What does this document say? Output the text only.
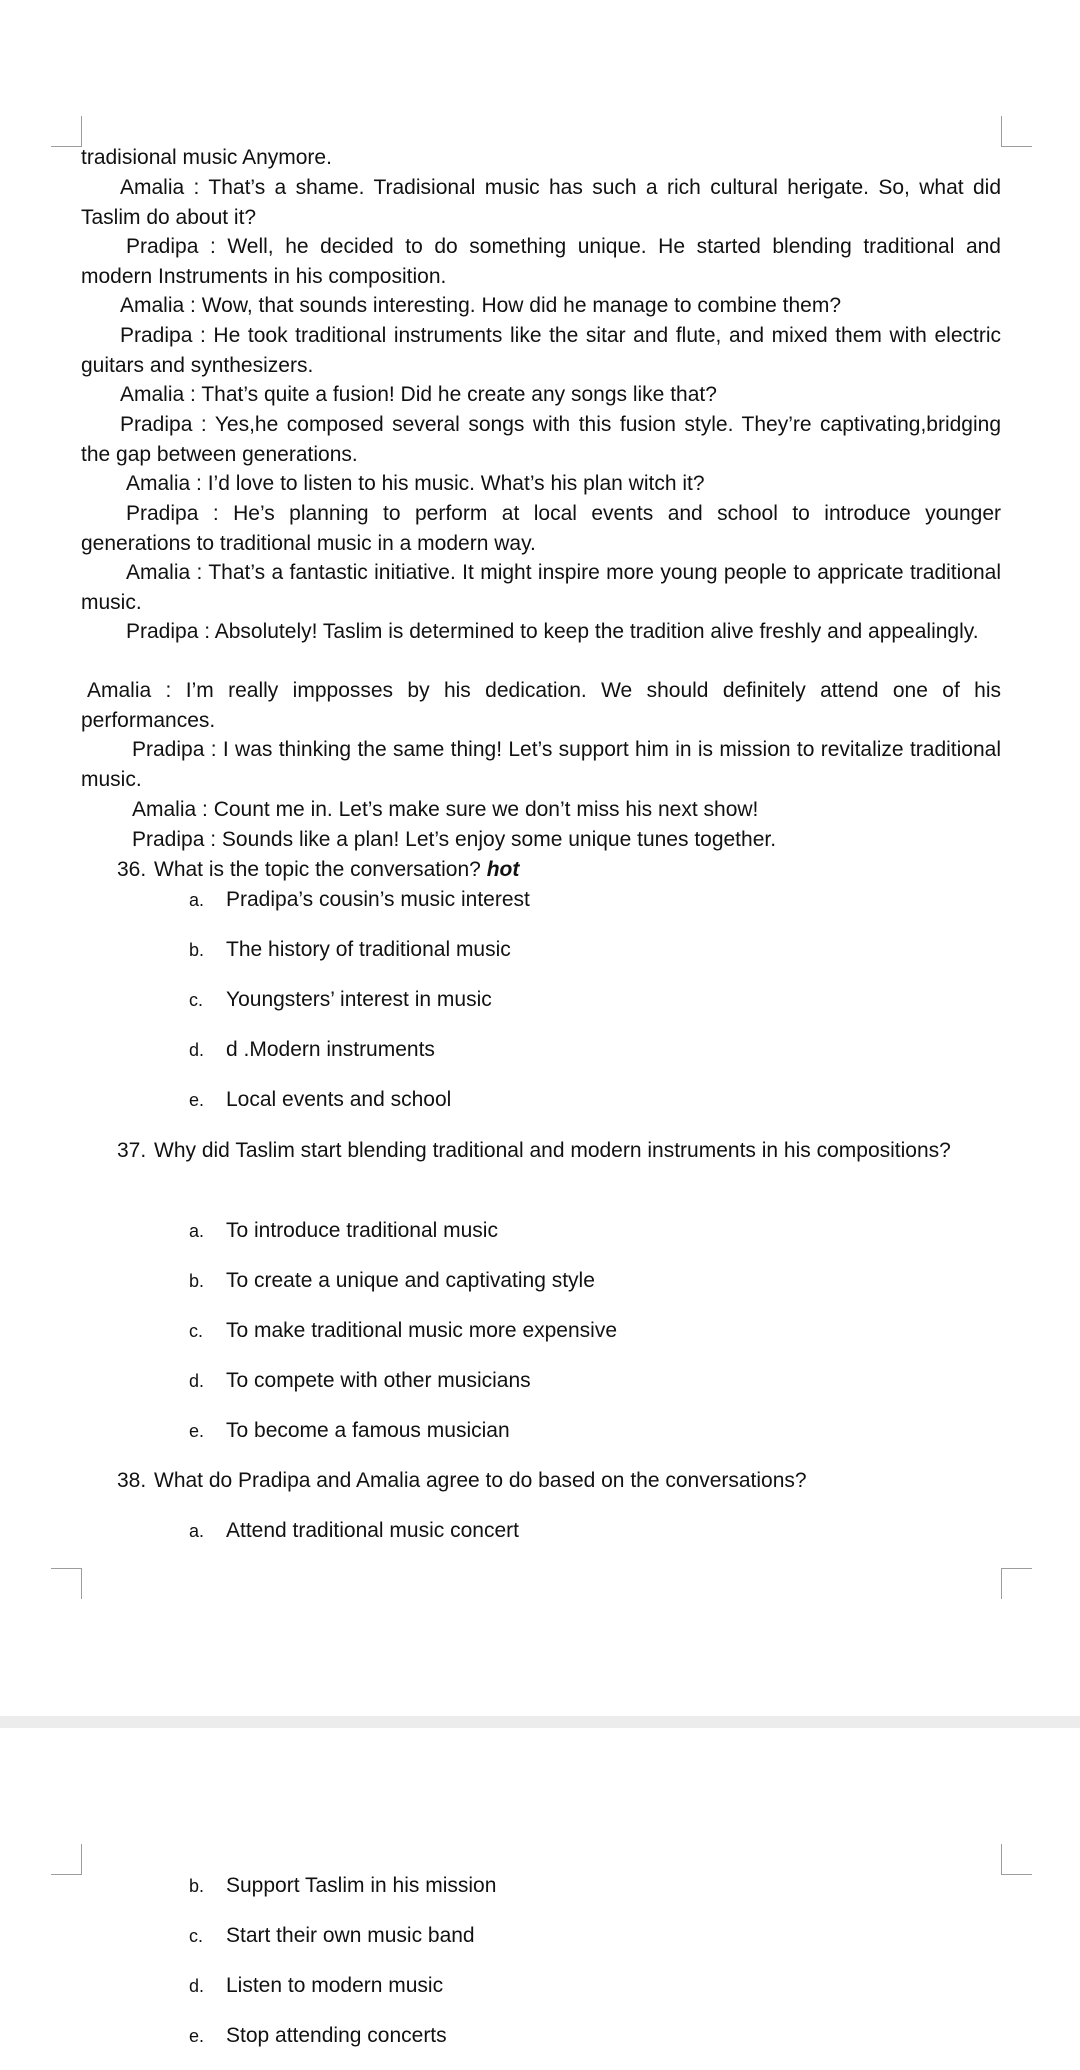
tradisional music Anymore.

Amalia : That’s a shame. Tradisional music has such a rich cultural herigate. So, what did Taslim do about it?

Pradipa : Well, he decided to do something unique. He started blending traditional and modern Instruments in his composition.

Amalia : Wow, that sounds interesting. How did he manage to combine them?

Pradipa : He took traditional instruments like the sitar and flute, and mixed them with electric guitars and synthesizers.

Amalia : That’s quite a fusion! Did he create any songs like that?

Pradipa : Yes,he composed several songs with this fusion style. They’re captivating,bridging the gap between generations.

Amalia : I’d love to listen to his music. What’s his plan witch it?

Pradipa : He’s planning to perform at local events and school to introduce younger generations to traditional music in a modern way.

Amalia : That’s a fantastic initiative. It might inspire more young people to appricate traditional music.

Pradipa : Absolutely! Taslim is determined to keep the tradition alive freshly and appealingly.

Amalia : I’m really impposses by his dedication. We should definitely attend one of his performances.

Pradipa : I was thinking the same thing! Let’s support him in is mission to revitalize traditional music.

Amalia : Count me in. Let’s make sure we don’t miss his next show!

Pradipa : Sounds like a plan! Let’s enjoy some unique tunes together.

36. What is the topic the conversation? hot

a. Pradipa’s cousin’s music interest

b. The history of traditional music

c. Youngsters’ interest in music

d. d .Modern instruments

e. Local events and school

37. Why did Taslim start blending traditional and modern instruments in his compositions?

a. To introduce traditional music

b. To create a unique and captivating style

c. To make traditional music more expensive

d. To compete with other musicians

e. To become a famous musician

38. What do Pradipa and Amalia agree to do based on the conversations?

a. Attend traditional music concert

b. Support Taslim in his mission

c. Start their own music band

d. Listen to modern music

e. Stop attending concerts
